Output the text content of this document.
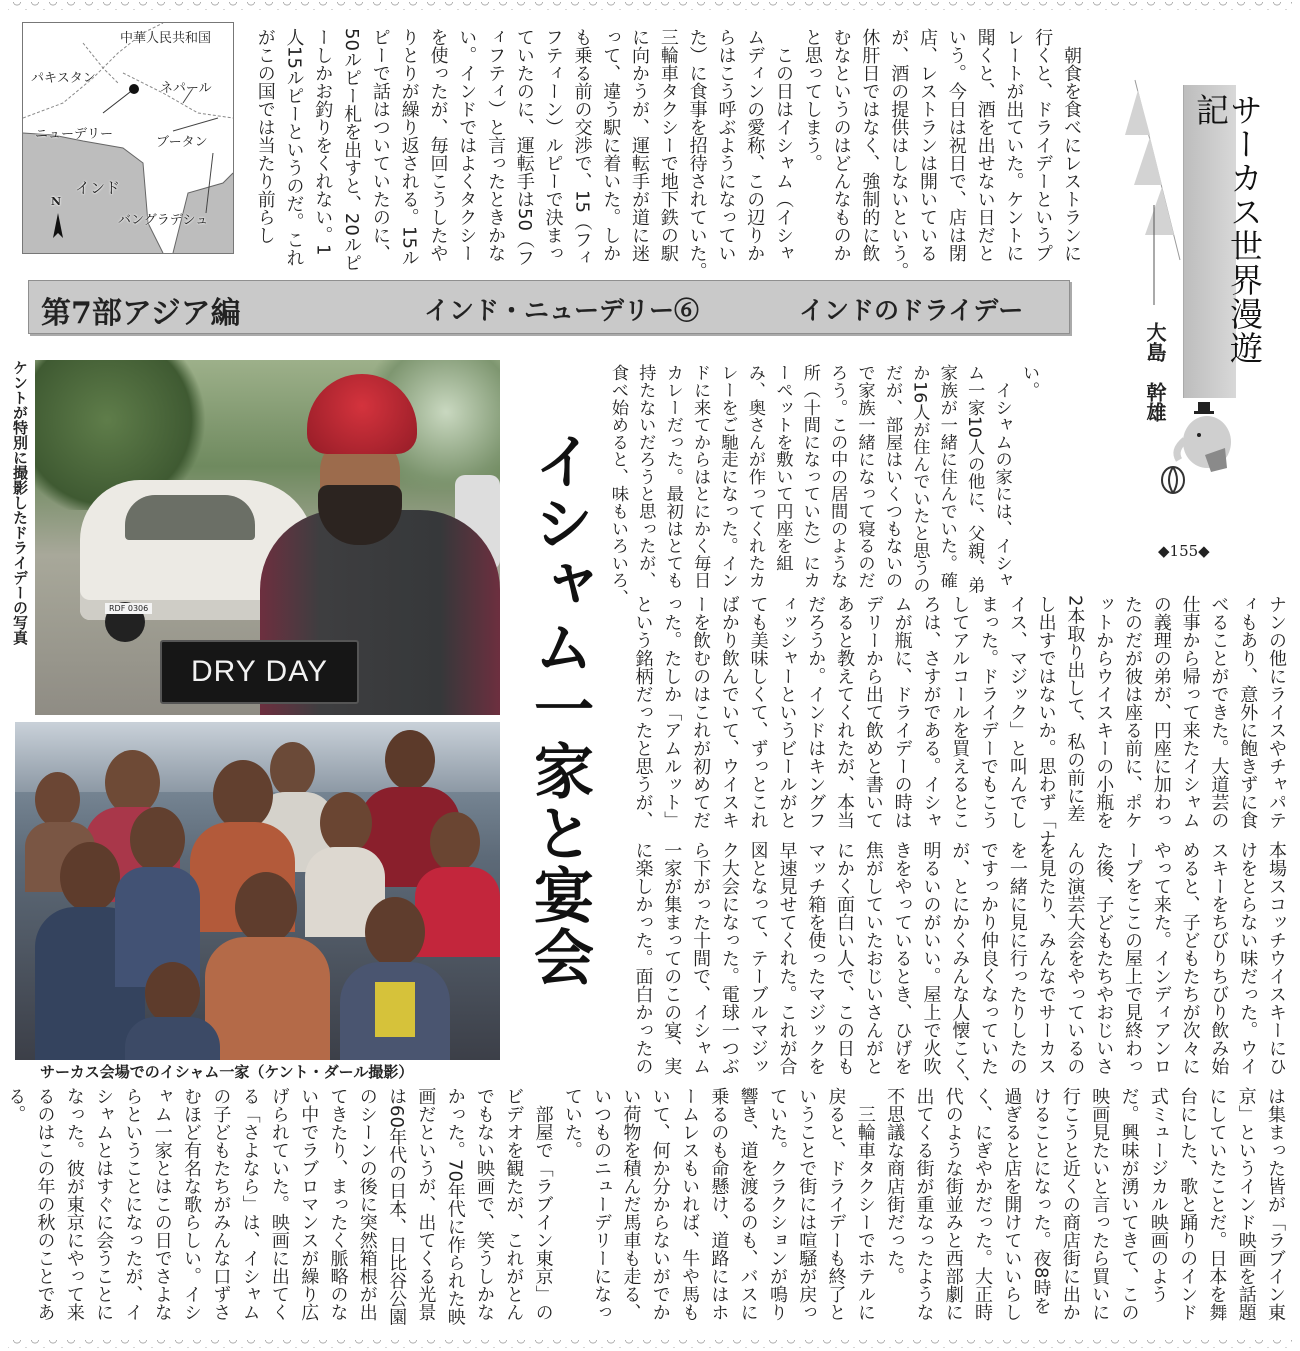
中華人民共和国
パキスタン
ネパール
ニューデリー
ブータン
インド
バングラデシュ
N	　朝食を食べにレストランに
行くと、ドライデーというプ
レートが出ていた。ケントに
聞くと、酒を出せない日だと
いう。今日は祝日で、店は閉
店、レストランは開いている
が、酒の提供はしないという。
休肝日ではなく、強制的に飲
むなというのはどんなものか
と思ってしまう。
　この日はイシャム（イシャ
ムディンの愛称、この辺りか
らはこう呼ぶようになってい
た）に食事を招待されていた。
三輪車タクシーで地下鉄の駅
に向かうが、運転手が道に迷
って、違う駅に着いた。しか
も乗る前の交渉で、15（フィ
フティーン）ルピーで決まっ
ていたのに、運転手は50（フ
ィフティ）と言ったときかな
い。インドではよくタクシー
を使ったが、毎回こうしたや
りとりが繰り返される。15ル
ピーで話はついていたのに、
50ルピー札を出すと、20ルピ
ーしかお釣りをくれない。1
人15ルピーというのだ。これ
がこの国では当たり前らし	サーカス世界漫遊記
大島　幹雄
◆155◆
第7部アジア編	インド・ニューデリー⑥	インドのドライデー
DRY DAY
RDF 0306
ケントが特別に撮影したドライデーの写真
サーカス会場でのイシャム一家（ケント・ダール撮影）
イシャム一家と宴会
い。
　イシャムの家には、イシャ
ム一家10人の他に、父親、弟
家族が一緒に住んでいた。確
か16人が住んでいたと思うの
だが、部屋はいくつもないの
で家族一緒になって寝るのだ
ろう。この中の居間のような
所（十間になっていた）にカ
ーペットを敷いて円座を組
み、奥さんが作ってくれたカ
レーをご馳走になった。イン
ドに来てからはとにかく毎日
カレーだった。最初はとても
持たないだろうと思ったが、
食べ始めると、味もいろいろ、
ナンの他にライスやチャパテ
ィもあり、意外に飽きずに食
べることができた。大道芸の
仕事から帰って来たイシャム
の義理の弟が、円座に加わっ
たのだが彼は座る前に、ポケ
ットからウイスキーの小瓶を
2本取り出して、私の前に差
し出すではないか。思わず「ナ
イス、マジック」と叫んでし
まった。ドライデーでもこう
してアルコールを買えるとこ
ろは、さすがである。イシャ
ムが瓶に、ドライデーの時は
デリーから出て飲めと書いて
あると教えてくれたが、本当
だろうか。インドはキングフ
ィッシャーというビールがと
ても美味しくて、ずっとこれ
ばかり飲んでいて、ウイスキ
ーを飲むのはこれが初めてだ
った。たしか「アムルット」
という銘柄だったと思うが、
本場スコッチウイスキーにひ
けをとらない味だった。ウイ
スキーをちびりちびり飲み始
めると、子どもたちが次々に
やって来た。インディアンロ
ープをここの屋上で見終わっ
た後、子どもたちやおじいさ
んの演芸大会をやっているの
を見たり、みんなでサーカス
を一緒に見に行ったりしたの
ですっかり仲良くなっていた
が、とにかくみんな人懐こく、
明るいのがいい。屋上で火吹
きをやっているとき、ひげを
焦がしていたおじいさんがと
にかく面白い人で、この日も
マッチ箱を使ったマジックを
早速見せてくれた。これが合
図となって、テーブルマジッ
ク大会になった。電球一つぶ
ら下がった十間で、イシャム
一家が集まってのこの宴、実
に楽しかった。面白かったの
は集まった皆が「ラブイン東
京」というインド映画を話題
にしていたことだ。日本を舞
台にした、歌と踊りのインド
式ミュージカル映画のよう
だ。興味が湧いてきて、この
映画見たいと言ったら買いに
行こうと近くの商店街に出か
けることになった。夜8時を
過ぎると店を開けていいらし
く、にぎやかだった。大正時
代のような街並みと西部劇に
出てくる街が重なったような
不思議な商店街だった。
　三輪車タクシーでホテルに
戻ると、ドライデーも終了と
いうことで街には喧騒が戻っ
ていた。クラクションが鳴り
響き、道を渡るのも、バスに
乗るのも命懸け、道路にはホ
ームレスもいれば、牛や馬も
いて、何か分からないがでか
い荷物を積んだ馬車も走る、
いつものニューデリーになっ
ていた。
　部屋で「ラブイン東京」の
ビデオを観たが、これがとん
でもない映画で、笑うしかな
かった。70年代に作られた映
画だというが、出てくる光景
は60年代の日本、日比谷公園
のシーンの後に突然箱根が出
てきたり、まったく脈略のな
い中でラブロマンスが繰り広
げられていた。映画に出てく
る「さよなら」は、イシャム
の子どもたちがみんな口ずさ
むほど有名な歌らしい。イシ
ャム一家とはこの日でさよな
らということになったが、イ
シャムとはすぐに会うことに
なった。彼が東京にやって来
るのはこの年の秋のことであ
る。
